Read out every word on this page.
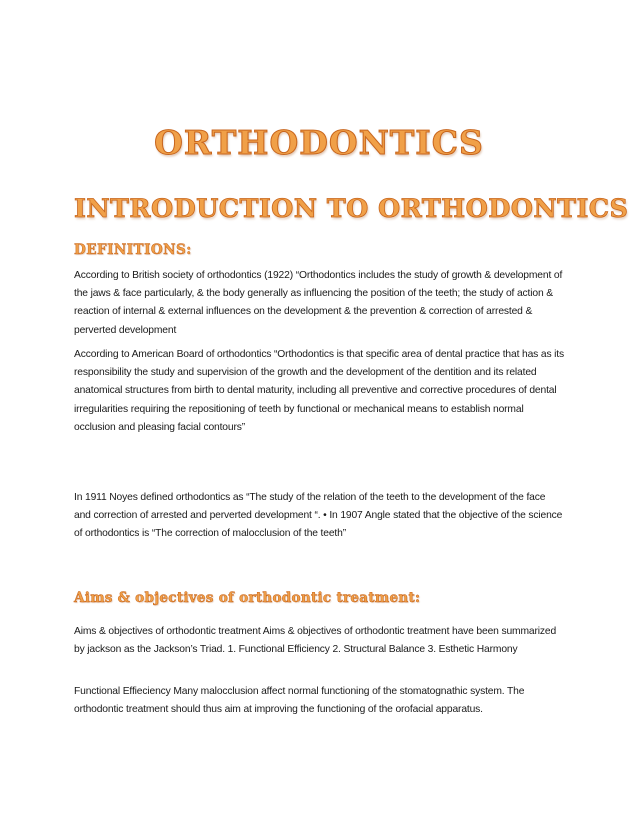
ORTHODONTICS
INTRODUCTION TO ORTHODONTICS
DEFINITIONS:

According to British society of orthodontics (1922) “Orthodontics includes the study of growth & development of the jaws & face particularly, & the body generally as influencing the position of the teeth; the study of action & reaction of internal & external influences on the development & the prevention & correction of arrested & perverted development

According to American Board of orthodontics “Orthodontics is that specific area of dental practice that has as its responsibility the study and supervision of the growth and the development of the dentition and its related anatomical structures from birth to dental maturity, including all preventive and corrective procedures of dental irregularities requiring the repositioning of teeth by functional or mechanical means to establish normal occlusion and pleasing facial contours”

In 1911 Noyes defined orthodontics as “The study of the relation of the teeth to the development of the face and correction of arrested and perverted development “. • In 1907 Angle stated that the objective of the science of orthodontics is “The correction of malocclusion of the teeth”

Aims & objectives of orthodontic treatment:

Aims & objectives of orthodontic treatment Aims & objectives of orthodontic treatment have been summarized by jackson as the Jackson’s Triad. 1. Functional Efficiency 2. Structural Balance 3. Esthetic Harmony

Functional Effieciency Many malocclusion affect normal functioning of the stomatognathic system. The orthodontic treatment should thus aim at improving the functioning of the orofacial apparatus.
